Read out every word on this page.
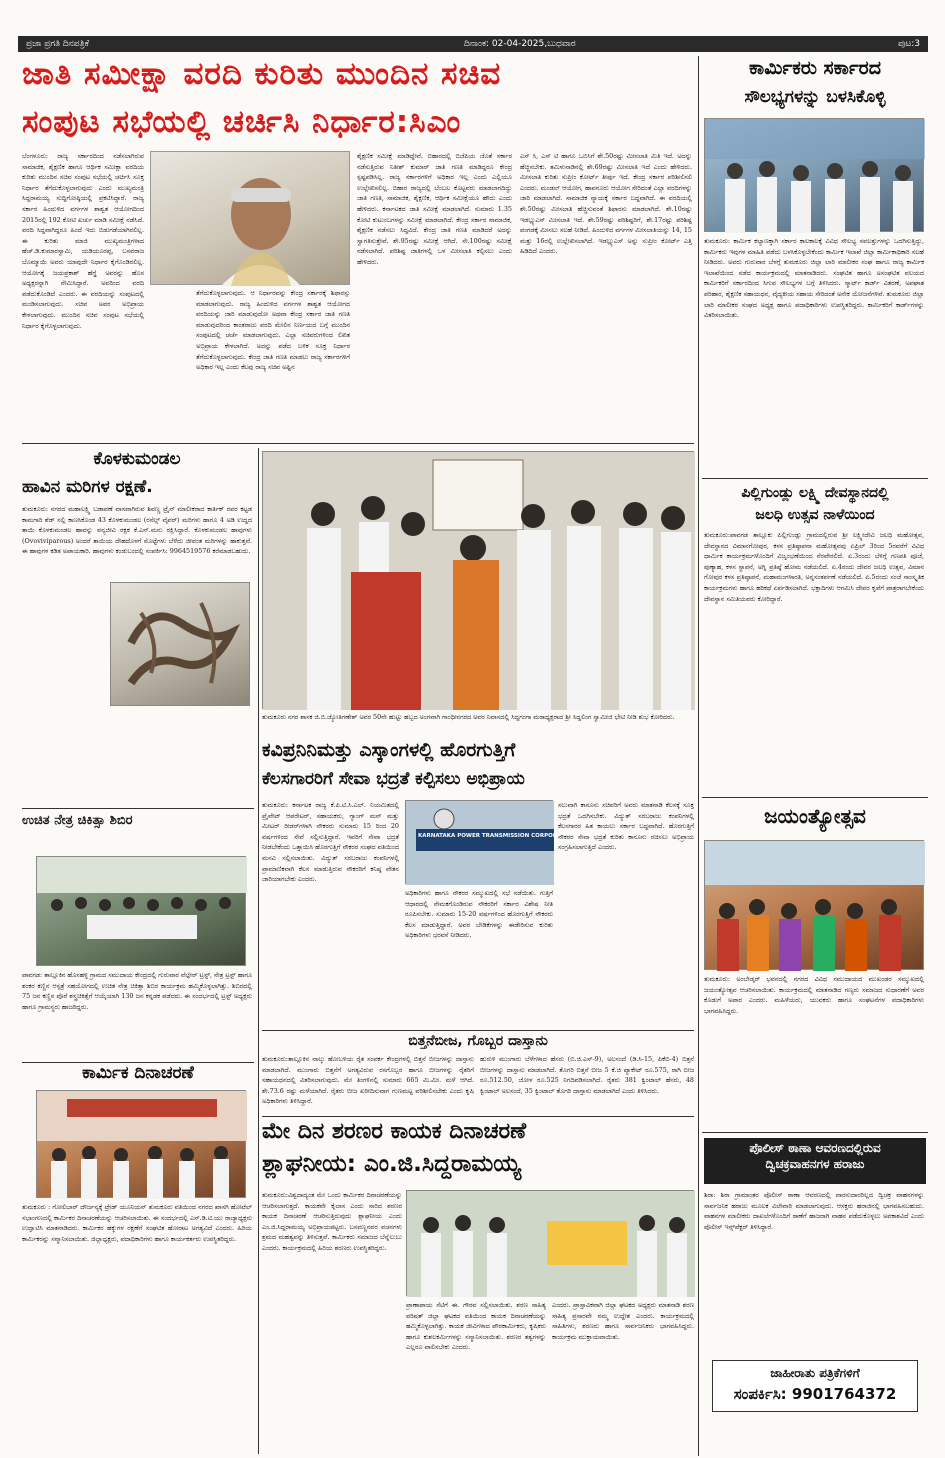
ಪ್ರಜಾ ಪ್ರಗತಿ ದಿನಪತ್ರಿಕೆ	ದಿನಾಂಕ: 02-04-2025,ಬುಧವಾರ	ಪುಟ:3
ಜಾತಿ ಸಮೀಕ್ಷಾ ವರದಿ ಕುರಿತು ಮುಂದಿನ ಸಚಿವ
ಸಂಪುಟ ಸಭೆಯಲ್ಲಿ ಚರ್ಚಿಸಿ ನಿರ್ಧಾರ:ಸಿಎಂ
ಬೆಂಗಳೂರು: ರಾಜ್ಯ ಸರ್ಕಾರದಿಂದ ನಡೆಸಲಾಗಿರುವ ಸಾಮಾಜಿಕ, ಶೈಕ್ಷಣಿಕ ಹಾಗೂ ಆರ್ಥಿಕ ಸಮೀಕ್ಷಾ ವರದಿಯ ಕುರಿತು ಮುಂದಿನ ಸಚಿವ ಸಂಪುಟ ಸಭೆಯಲ್ಲಿ ಚರ್ಚಿಸಿ ಸೂಕ್ತ ನಿರ್ಧಾರ ತೆಗೆದುಕೊಳ್ಳಲಾಗುವುದು ಎಂದು ಮುಖ್ಯಮಂತ್ರಿ ಸಿದ್ದರಾಮಯ್ಯ ಸುದ್ದಿಗೋಷ್ಠಿಯಲ್ಲಿ ಪ್ರಕಟಿಸಿದ್ದಾರೆ. ರಾಜ್ಯ ಸರ್ಕಾರ ಹಿಂದುಳಿದ ವರ್ಗಗಳ ಶಾಶ್ವತ ಆಯೋಗದಿಂದ 2015ರಲ್ಲಿ 192 ಕೋಟಿ ಖರ್ಚು ಮಾಡಿ ಸಮೀಕ್ಷೆ ನಡೆಸಿದೆ. ವರದಿ ಸಿದ್ದವಾಗಿದ್ದರೂ ಹಿಂದೆ ಇದು ಬಿಡುಗಡೆಯಾಗಿರಲಿಲ್ಲ. ಈ ಕುರಿತು ಮಾಜಿ ಮುಖ್ಯಮಂತ್ರಿಗಳಾದ ಹೆಚ್.ಡಿ.ಕುಮಾರಸ್ವಾಮಿ, ಯಡಿಯೂರಪ್ಪ, ಬಸವರಾಜ ಬೊಮ್ಮಾಯಿ ಅವರು ಯಾವುದೇ ನಿರ್ಧಾರ ಕೈಗೊಂಡಿರಲಿಲ್ಲ. ಆಯೋಗಕ್ಕೆ ಜಯಪ್ರಕಾಶ್ ಹೆಗ್ಡೆ ಅವರನ್ನು ಹೊಸ ಅಧ್ಯಕ್ಷರನ್ನಾಗಿ ನೇಮಿಸಿದ್ದಾರೆ. ಅವರಿಂದ ವರದಿ ಪಡೆದುಕೊಂಡಿದೆ ಎಂದರು. ಈ ವರದಿಯನ್ನು ಸಂಪುಟದಲ್ಲಿ ಮಂಡಿಸಲಾಗುವುದು. ಸಚಿವ ಅವರ ಅಭಿಪ್ರಾಯ ಕೇಳಲಾಗುವುದು. ಮುಂದಿನ ಸಚಿವ ಸಂಪುಟ ಸಭೆಯಲ್ಲಿ ನಿರ್ಧಾರ ಕೈಗೊಳ್ಳಲಾಗುವುದು.
ತೆಗೆದುಕೊಳ್ಳಲಾಗುವುದು. ಆ ನಿರ್ಧಾರವನ್ನು ಕೇಂದ್ರ ಸರ್ಕಾರಕ್ಕೆ ಶಿಫಾರಸ್ಸು ಮಾಡಲಾಗುವುದು. ರಾಜ್ಯ ಹಿಂದುಳಿದ ವರ್ಗಗಳ ಶಾಶ್ವತ ಆಯೋಗದ ವರದಿಯನ್ನು ಜಾರಿ ಮಾಡುವುದೋ ಅಥವಾ ಕೇಂದ್ರ ಸರ್ಕಾರ ಜಾತಿ ಗಣತಿ ಮಾಡುವುದರಿಂದ ಕಾಂತರಾಜು ವರದಿ ಮೇಲಿನ ನಿರ್ಣಯದ ಬಗ್ಗೆ ಮುಂದಿನ ಸಂಪುಟದಲ್ಲಿ ಚರ್ಚೆ ಮಾಡಲಾಗುವುದು. ಎಲ್ಲಾ ಸಚಿವರುಗಳಿಂದ ಲಿಖಿತ ಅಭಿಪ್ರಾಯ ಕೇಳಲಾಗಿದೆ. ಅದನ್ನು ಪಡೆದ ಬಳಿಕ ಸೂಕ್ತ ನಿರ್ಧಾರ ತೆಗೆದುಕೊಳ್ಳಲಾಗುವುದು. ಕೇಂದ್ರ ಜಾತಿ ಗಣತಿ ಮಾಡಲು ರಾಜ್ಯ ಸರ್ಕಾರಗಳಿಗೆ ಅಧಿಕಾರ ಇಲ್ಲ ಎಂದು ಕೆಲವು ರಾಜ್ಯ ಸಚಿವ ಅಷ್ಟಿನ
ಶೈಕ್ಷಣಿಕ ಸಮೀಕ್ಷೆ ಮಾಡಿದ್ದೇವೆ. ಬಿಹಾರದಲ್ಲಿ ಬಿಜೆಪಿಯ ಜೊತೆ ಸರ್ಕಾರ ನಡೆಸುತ್ತಿರುವ ನಿತೀಶ್ ಕುಮಾರ್ ಜಾತಿ ಗಣತಿ ಮಾಡಿದ್ದರೂ ಕೇಂದ್ರ ಸ್ಪಷ್ಟಪಡಿಸಿಲ್ಲ. ರಾಜ್ಯ ಸರ್ಕಾರಗಳಿಗೆ ಅಧಿಕಾರ ಇಲ್ಲ ಎಂದು ಎಲ್ಲಿಯೂ ಉಲ್ಲೇಖಿಸಲಿಲ್ಲ. ಬಿಹಾರ ರಾಜ್ಯದಲ್ಲಿ ಬೆಂಬಲ ಕೊಟ್ಟವರು ಮಾಡಲಾಗದಿದ್ದು ಜಾತಿ ಗಣತಿ, ಸಾಮಾಜಿಕ, ಶೈಕ್ಷಣಿಕ, ಆರ್ಥಿಕ ಸಮೀಕ್ಷೆಯೂ ಹೌದು ಎಂದು ಹೇಳಿದರು. ಕರ್ನಾಟಕದ ಜಾತಿ ಸಮೀಕ್ಷೆ ಮಾಡಲಾಗಿದೆ. ಸುಮಾರು 1.35 ಕೋಟಿ ಕುಟುಂಬಗಳನ್ನು ಸಮೀಕ್ಷೆ ಮಾಡಲಾಗಿದೆ. ಕೇಂದ್ರ ಸರ್ಕಾರ ಸಾಮಾಜಿಕ, ಶೈಕ್ಷಣಿಕ ನಡೆಸಲು ಸಿದ್ಧವಿದೆ. ಕೇಂದ್ರ ಜಾತಿ ಗಣತಿ ಮಾಡಿದರೆ ಅದನ್ನು ಸ್ವಾಗತಿಸುತ್ತೇವೆ. ಶೇ.95ರಷ್ಟು ಸಮೀಕ್ಷೆ ಆಗಿದೆ. ಸೇ.100ರಷ್ಟು ಸಮೀಕ್ಷೆ ನಡೆಸಲಾಗಿದೆ. ಪರಿಶಿಷ್ಟ ಜಾತಿಗಳಲ್ಲಿ ಒಳ ಮೀಸಲಾತಿ ಕಲ್ಪಿಸಲು ಎಂದು ಹೇಳಿದರು.
ಎಸ್ ಸಿ, ಎಸ್ ಟಿ ಹಾಗೂ ಒಬಿಸಿಗೆ ಶೇ.50ರಷ್ಟು ಮೀಸಲಾತಿ ಮಿತಿ ಇದೆ. ಅದನ್ನು ಹೆಚ್ಚಿಸಬೇಕು. ತಮಿಳುನಾಡಿನಲ್ಲಿ ಶೇ.69ರಷ್ಟು ಮೀಸಲಾತಿ ಇದೆ ಎಂದು ಹೇಳಿದರು. ಮೀಸಲಾತಿ ಕುರಿತು ಸುಪ್ರೀಂ ಕೋರ್ಟ್ ತೀರ್ಪು ಇದೆ. ಕೇಂದ್ರ ಸರ್ಕಾರ ಪರಿಶೀಲಿಸಲಿ ಎಂದರು. ಮಂಡಲ್ ಆಯೋಗ, ಹಾವನೂರು ಆಯೋಗ ಸೇರಿದಂತೆ ಎಲ್ಲಾ ವರದಿಗಳನ್ನು ಜಾರಿ ಮಾಡಲಾಗಿದೆ. ಸಾಮಾಜಿಕ ನ್ಯಾಯಕ್ಕೆ ಸರ್ಕಾರ ಬದ್ಧವಾಗಿದೆ. ಈ ವರದಿಯಲ್ಲಿ ಶೇ.50ರಷ್ಟು ಮೀಸಲಾತಿ ಹೆಚ್ಚಿಸುವಂತೆ ಶಿಫಾರಸು ಮಾಡಲಾಗಿದೆ. ಶೇ.10ರಷ್ಟು ಇಡಬ್ಲ್ಯುಎಸ್ ಮೀಸಲಾತಿ ಇದೆ. ಶೇ.59ರಷ್ಟು ಪರಿಶಿಷ್ಟರಿಗೆ, ಶೇ.17ರಷ್ಟು ಪರಿಶಿಷ್ಟ ಪಂಗಡಕ್ಕೆ ಮೀಸಲು ಸಲಹೆ ನೀಡಿದೆ. ಹಿಂದುಳಿದ ವರ್ಗಗಳ ಮೀಸಲಾತಿಯನ್ನು 14, 15 ಮತ್ತು 16ರಲ್ಲಿ ಉಲ್ಲೇಖಿಸಲಾಗಿದೆ. ಇಡಬ್ಲ್ಯುಎಸ್ ಅನ್ನು ಸುಪ್ರೀಂ ಕೋರ್ಟ್ ಎತ್ತಿ ಹಿಡಿದಿದೆ ಎಂದರು.
ಕಾರ್ಮಿಕರು ಸರ್ಕಾರದ
ಸೌಲಭ್ಯಗಳನ್ನು ಬಳಸಿಕೊಳ್ಳಿ
ತುಮಕೂರು: ಕಾರ್ಮಿಕ ಕಲ್ಯಾಣಕ್ಕಾಗಿ ಸರ್ಕಾರ ಕಾಲಕಾಲಕ್ಕೆ ವಿವಿಧ ಸೌಲಭ್ಯ ಸವಲತ್ತುಗಳನ್ನು ಒದಗಿಸುತ್ತಿದ್ದು, ಕಾರ್ಮಿಕರು ಇವುಗಳ ಮಾಹಿತಿ ಪಡೆದು ಬಳಸಿಕೊಳ್ಳಬೇಕೆಂದು ಕಾರ್ಮಿಕ ಇಲಾಖೆ ಜಿಲ್ಲಾ ಕಾರ್ಮಿಕಾಧಿಕಾರಿ ಸಲಹೆ ನೀಡಿದರು. ಅವರು ಗುರುವಾರ ಬೆಳಗ್ಗೆ ತುಮಕೂರು ಜಿಲ್ಲಾ ಲಾರಿ ಮಾಲೀಕರ ಸಂಘ ಹಾಗೂ ರಾಜ್ಯ ಕಾರ್ಮಿಕ ಇಲಾಖೆಯಿಂದ ನಡೆದ ಕಾರ್ಯಕ್ರಮದಲ್ಲಿ ಮಾತನಾಡಿದರು. ಸಂಘಟಿತ ಹಾಗೂ ಅಸಂಘಟಿತ ವಲಯದ ಕಾರ್ಮಿಕರಿಗೆ ಸರ್ಕಾರದಿಂದ ಸಿಗುವ ಸೌಲಭ್ಯಗಳ ಬಗ್ಗೆ ತಿಳಿಸಿದರು. ಸ್ಮಾರ್ಟ್ ಕಾರ್ಡ್ ವಿತರಣೆ, ಅಪಘಾತ ಪರಿಹಾರ, ಶೈಕ್ಷಣಿಕ ಸಹಾಯಧನ, ವೈದ್ಯಕೀಯ ಸಹಾಯ ಸೇರಿದಂತೆ ಅನೇಕ ಯೋಜನೆಗಳಿವೆ. ತುಮಕೂರು ಜಿಲ್ಲಾ ಲಾರಿ ಮಾಲೀಕರ ಸಂಘದ ಅಧ್ಯಕ್ಷ ಹಾಗೂ ಪದಾಧಿಕಾರಿಗಳು ಉಪಸ್ಥಿತರಿದ್ದರು. ಕಾರ್ಮಿಕರಿಗೆ ಕಾರ್ಡ್‌ಗಳನ್ನು ವಿತರಿಸಲಾಯಿತು.
ಪಿಲ್ಲಿಗುಂಡ್ಲು ಲಕ್ಷ್ಮಿ ದೇವಸ್ಥಾನದಲ್ಲಿ
ಜಲಧಿ ಉತ್ಸವ ನಾಳೆಯಿಂದ
ತುಮಕೂರು:ಪಾವಗಡ ತಾಲ್ಲೂಕು ಪಿಲ್ಲಿಗುಂಡ್ಲು ಗ್ರಾಮದಲ್ಲಿರುವ ಶ್ರೀ ಲಕ್ಷ್ಮೀದೇವಿ ಜಲಧಿ ಮಹೋತ್ಸವ, ದೇವಸ್ಥಾನದ ವಿಮಾನಗೋಪುರ, ಕಳಸ ಪ್ರತಿಷ್ಠಾಪನಾ ಮಹೋತ್ಸವವು ಏಪ್ರಿಲ್ 3ರಿಂದ 5ರವರೆಗೆ ವಿವಿಧ ಧಾರ್ಮಿಕ ಕಾರ್ಯಕ್ರಮಗಳೊಂದಿಗೆ ವಿಜೃಂಭಣೆಯಿಂದ ನೆರವೇರಲಿದೆ. ಏ.3ರಂದು ಬೆಳಿಗ್ಗೆ ಗಣಪತಿ ಪೂಜೆ, ಪುಣ್ಯಾಹ, ಕಳಸ ಸ್ಥಾಪನೆ, ಅಗ್ನಿ ಪ್ರತಿಷ್ಠೆ ಹೋಮ ನಡೆಯಲಿದೆ. ಏ.4ರಂದು ದೇವರ ಜಲಧಿ ಉತ್ಸವ, ವಿಮಾನ ಗೋಪುರ ಕಳಸ ಪ್ರತಿಷ್ಠಾಪನೆ, ಮಹಾಮಂಗಳಾರತಿ, ಅನ್ನಸಂತರ್ಪಣೆ ನಡೆಯಲಿದೆ. ಏ.5ರಂದು ಸಂಜೆ ಸಾಂಸ್ಕೃತಿಕ ಕಾರ್ಯಕ್ರಮಗಳು ಹಾಗೂ ಹರಿಕಥೆ ಏರ್ಪಡಿಸಲಾಗಿದೆ. ಭಕ್ತಾದಿಗಳು ಆಗಮಿಸಿ ದೇವರ ಕೃಪೆಗೆ ಪಾತ್ರರಾಗಬೇಕೆಂದು ದೇವಸ್ಥಾನ ಸಮಿತಿಯವರು ಕೋರಿದ್ದಾರೆ.
ಜಯಂತ್ಯೋತ್ಸವ
ತುಮಕೂರು: ಅಂಬೇಡ್ಕರ್ ಭವನದಲ್ಲಿ ನಗರದ ವಿವಿಧ ಸಮುದಾಯದ ಮುಖಂಡರ ಸಮ್ಮುಖದಲ್ಲಿ ಜಯಂತ್ಯೋತ್ಸವ ಆಚರಿಸಲಾಯಿತು. ಕಾರ್ಯಕ್ರಮದಲ್ಲಿ ಮಾತನಾಡಿದ ಗಣ್ಯರು ಸಮಾಜದ ಸುಧಾರಣೆಗೆ ಅವರ ಕೊಡುಗೆ ಅಪಾರ ಎಂದರು. ಮಹಿಳೆಯರು, ಯುವಕರು ಹಾಗೂ ಸಂಘಟನೆಗಳ ಪದಾಧಿಕಾರಿಗಳು ಭಾಗವಹಿಸಿದ್ದರು.
ಪೊಲೀಸ್ ಠಾಣಾ ಆವರಣದಲ್ಲಿರುವ
ದ್ವಿಚಕ್ರವಾಹನಗಳ ಹರಾಜು
ಶಿರಾ: ಶಿರಾ ಗ್ರಾಮಾಂತರ ಪೊಲೀಸ್ ಠಾಣಾ ಆವರಣದಲ್ಲಿ ವಾರಸುದಾರರಿಲ್ಲದ ದ್ವಿಚಕ್ರ ವಾಹನಗಳನ್ನು ಸಾರ್ವಜನಿಕ ಹರಾಜು ಮೂಲಕ ವಿಲೇವಾರಿ ಮಾಡಲಾಗುವುದು. ಆಸಕ್ತರು ಹರಾಜಿನಲ್ಲಿ ಭಾಗವಹಿಸಬಹುದು. ವಾಹನಗಳ ಮಾಲೀಕರು ದಾಖಲೆಗಳೊಂದಿಗೆ ಠಾಣೆಗೆ ಹಾಜರಾಗಿ ವಾಹನ ಪಡೆದುಕೊಳ್ಳಲು ಅವಕಾಶವಿದೆ ಎಂದು ಪೊಲೀಸ್ ಇನ್ಸ್‌ಪೆಕ್ಟರ್ ತಿಳಿಸಿದ್ದಾರೆ.
ಜಾಹೀರಾತು ಪತ್ರಿಕೆಗಳಿಗೆ
ಸಂಪರ್ಕಿಸಿ: 9901764372
ಕೊಳಕುಮಂಡಲ
ಹಾವಿನ ಮರಿಗಳ ರಕ್ಷಣೆ.
ತುಮಕೂರು: ನಗರದ ಮಹಾಲಕ್ಷ್ಮಿ ಬಡಾವಣೆ ವಾಸವಾಗಿರುವ ಶಿವಣ್ಣ ಟ್ರೈಸ್ ಮಾಲೀಕರಾದ ಕಾರ್ತಿಕ್ ರವರ ಕಟ್ಟಡ ಕಾಮಗಾರಿ ಶೆಡ್ ಸಲ್ಲಿ ಕಾಣಸಿಕೊಂಡ 43 ಕೊಳಕುಮಂಡಲ (ರಸೆಲ್ಸ್ ವೈಪರ್) ಮರಿಗಳು ಹಾಗೂ 4 ಅಡಿ ಉದ್ದದ ತಾಯಿ ಕೊಳಕುಮಂಡಲ ಹಾವನ್ನು ವನ್ಯಜೀವಿ ರಕ್ಷಕ ಕೆ.ಎನ್.ಮನು ರಕ್ಷಿಸಿದ್ದಾರೆ. ಕೊಳಕುಮಂಡಲ ಹಾವುಗಳು (Ovoviviparous) ಅಂದರೆ ತಾಯಿಯ ದೇಹದೊಳಗೆ ಮೊಟ್ಟೆಗಳು ಬೆಳೆದು ಜೀವಂತ ಮರಿಗಳನ್ನು ಹಾಕುತ್ತವೆ. ಈ ಹಾವುಗಳ ಕಡಿತ ಅಪಾಯಕಾರಿ. ಹಾವುಗಳು ಕಂಡುಬಂದಲ್ಲಿ ಸಂಪರ್ಕಿಸಿ: 9964519576 ಕರೆಮಾಡಬಹುದು.
ಉಚಿತ ನೇತ್ರ ಚಿಕಿತ್ಸಾ ಶಿಬಿರ
ಪಾವಗಡ: ತಾಲ್ಲೂಕಿನ ಹೊಸಹಳ್ಳಿ ಗ್ರಾಮದ ಸಮುದಾಯ ಕೇಂದ್ರದಲ್ಲಿ ಗುರುವಾರ ವೆಲ್ಫೇರ್ ಟ್ರಸ್ಟ್, ನೇತ್ರ ಟ್ರಸ್ಟ್ ಹಾಗೂ ಶಂಕರ ಕಣ್ಣಿನ ಆಸ್ಪತ್ರೆ ಸಹಯೋಗದಲ್ಲಿ ಉಚಿತ ನೇತ್ರ ಚಿಕಿತ್ಸಾ ಶಿಬಿರ ಕಾರ್ಯಕ್ರಮ ಹಮ್ಮಿಕೊಳ್ಳಲಾಗಿತ್ತು. ಶಿಬಿರದಲ್ಲಿ 75 ಜನ ಕಣ್ಣಿನ ಪೊರೆ ಶಸ್ತ್ರಚಿಕಿತ್ಸೆಗೆ ಆಯ್ಕೆಯಾಗಿ 130 ಜನ ಕನ್ನಡಕ ಪಡೆದರು. ಈ ಸಂದರ್ಭದಲ್ಲಿ ಟ್ರಸ್ಟ್ ಅಧ್ಯಕ್ಷರು ಹಾಗೂ ಗ್ರಾಮಸ್ಥರು ಹಾಜರಿದ್ದರು.
ಕಾರ್ಮಿಕ ದಿನಾಚರಣೆ
ತುಮಕೂರು : ಗೋಲಿಬಾರ್ ದೌರ್ಜನ್ಯಕ್ಕೆ ಟ್ರೇಡ್ ಯೂನಿಯನ್ ತುಮಕೂರು ವತಿಯಿಂದ ನಗರದ ಖಾಸಗಿ ಹೋಟೆಲ್ ಸಭಾಂಗಣದಲ್ಲಿ ಕಾರ್ಮಿಕರ ದಿನಾಚರಣೆಯನ್ನು ಆಚರಿಸಲಾಯಿತು. ಈ ಸಂದರ್ಭದಲ್ಲಿ ಎಸ್.ಡಿ.ಟಿ.ಯು ರಾಜ್ಯಾಧ್ಯಕ್ಷರು ಉದ್ಘಾಟಿಸಿ ಮಾತನಾಡಿದರು. ಕಾರ್ಮಿಕರ ಹಕ್ಕುಗಳ ರಕ್ಷಣೆಗೆ ಸಂಘಟಿತ ಹೋರಾಟ ಅಗತ್ಯವಿದೆ ಎಂದರು. ಹಿರಿಯ ಕಾರ್ಮಿಕರನ್ನು ಸನ್ಮಾನಿಸಲಾಯಿತು. ಜಿಲ್ಲಾಧ್ಯಕ್ಷರು, ಪದಾಧಿಕಾರಿಗಳು ಹಾಗೂ ಕಾರ್ಯಕರ್ತರು ಉಪಸ್ಥಿತರಿದ್ದರು.
ತುಮಕೂರು ನಗರ ಶಾಸಕ ಜಿ.ಬಿ.ಜ್ಯೋತಿಗಣೇಶ್ ಅವರ 50ನೇ ಹುಟ್ಟು ಹಬ್ಬದ ಅಂಗವಾಗಿ ಗಾಂಧೀನಗರದ ಅವರ ನಿವಾಸದಲ್ಲಿ ಸಿದ್ದಗಂಗಾ ಮಠಾಧ್ಯಕ್ಷರಾದ ಶ್ರೀ ಸಿದ್ದಲಿಂಗ ಸ್ವಾಮೀಜಿ ಭೇಟಿ ನೀಡಿ ಶುಭ ಕೋರಿದರು.
ಕವಿಪ್ರನಿನಿಮತ್ತು ಎಸ್ಕಾಂಗಳಲ್ಲಿ ಹೊರಗುತ್ತಿಗೆ
ಕೆಲಸಗಾರರಿಗೆ ಸೇವಾ ಭದ್ರತೆ ಕಲ್ಪಿಸಲು ಅಭಿಪ್ರಾಯ
ತುಮಕೂರು: ಕರ್ನಾಟಕ ರಾಜ್ಯ ಕೆ.ಪಿ.ಟಿ.ಸಿ.ಎಲ್. ನಿಯಮಿತದಲ್ಲಿ ಪ್ರೈವೇಟ್ ಆಪರೇಟರ್, ಸಹಾಯಕರು, ಗ್ಯಾಂಗ್ ಮನ್ ಮತ್ತು ಮೀಟರ್ ರೀಡರ್‌ಗಳಾಗಿ ನೌಕರರು ಸುಮಾರು 15 ರಿಂದ 20 ವರ್ಷಗಳಿಂದ ಸೇವೆ ಸಲ್ಲಿಸುತ್ತಿದ್ದಾರೆ. ಇವರಿಗೆ ಸೇವಾ ಭದ್ರತೆ ನೀಡಬೇಕೆಂದು ಒತ್ತಾಯಿಸಿ ಹೊರಗುತ್ತಿಗೆ ನೌಕರರ ಸಂಘದ ವತಿಯಿಂದ ಮನವಿ ಸಲ್ಲಿಸಲಾಯಿತು. ವಿದ್ಯುತ್ ಸರಬರಾಜು ಕಂಪನಿಗಳಲ್ಲಿ ಪ್ರಾಮಾಣಿಕವಾಗಿ ಕೆಲಸ ಮಾಡುತ್ತಿರುವ ನೌಕರರಿಗೆ ಕನಿಷ್ಠ ವೇತನ ಜಾರಿಯಾಗಬೇಕು ಎಂದರು.
KARNATAKA POWER TRANSMISSION CORPORATION LIMITED
ಅಧಿಕಾರಿಗಳು ಹಾಗೂ ನೌಕರರ ಸಮ್ಮುಖದಲ್ಲಿ ಸಭೆ ನಡೆಯಿತು. ಗುತ್ತಿಗೆ ಆಧಾರದಲ್ಲಿ ನೇಮಕಗೊಂಡಿರುವ ನೌಕರರಿಗೆ ಸರ್ಕಾರ ವಿಶೇಷ ನೀತಿ ರೂಪಿಸಬೇಕು. ಸುಮಾರು 15-20 ವರ್ಷಗಳಿಂದ ಹೊರಗುತ್ತಿಗೆ ನೌಕರರು ಕೆಲಸ ಮಾಡುತ್ತಿದ್ದಾರೆ. ಅವರ ಬೇಡಿಕೆಗಳನ್ನು ಈಡೇರಿಸುವ ಕುರಿತು ಅಧಿಕಾರಿಗಳು ಭರವಸೆ ನೀಡಿದರು.
ಸಲುವಾಗಿ ಕಾನೂನು ಸಚಿವರಿಗೆ ಅವರು ಮಾತನಾಡಿ ಕೆಲಸಕ್ಕೆ ಸೂಕ್ತ ಭದ್ರತೆ ಒದಗಿಸಬೇಕು. ವಿದ್ಯುತ್ ಸರಬರಾಜು ಕಂಪನಿಗಳಲ್ಲಿ ಕೆಲಸಗಾರರ ಹಿತ ಕಾಯಲು ಸರ್ಕಾರ ಬದ್ಧವಾಗಿದೆ. ಹೊರಗುತ್ತಿಗೆ ನೌಕರರ ಸೇವಾ ಭದ್ರತೆ ಕುರಿತು ಕಾನೂನು ರಚಿಸಲು ಅಭಿಪ್ರಾಯ ಸಂಗ್ರಹಿಸಲಾಗುತ್ತಿದೆ ಎಂದರು.
ಬಿತ್ತನೆಬೀಜ, ಗೊಬ್ಬರ ದಾಸ್ತಾನು
ತುಮಕೂರು:ತಾಲ್ಲೂಕಿನ ನಾಲ್ಕು ಹೋಬಳಿಯ ರೈತ ಸಂಪರ್ಕ ಕೇಂದ್ರಗಳಲ್ಲಿ ಬಿತ್ತನೆ ಬೀಜಗಳನ್ನು ದಾಸ್ತಾನು ಮಾಡಲಾಗಿದೆ. ಮುಂಗಾರು ಬಿತ್ತನೆಗೆ ಅಗತ್ಯವಿರುವ ರಸಗೊಬ್ಬರ ಹಾಗೂ ಬೀಜಗಳನ್ನು ರೈತರಿಗೆ ಸಹಾಯಧನದಲ್ಲಿ ವಿತರಿಸಲಾಗುವುದು. ಮೇ ತಿಂಗಳಿನಲ್ಲಿ ಸುಮಾರು 665 ಮಿ.ಮೀ. ಮಳೆ ಆಗಿದೆ. ಶೇ.73.6 ರಷ್ಟು ಮಳೆಯಾಗಿದೆ. ರೈತರು ಬೀಜ ಖರೀದಿಸುವಾಗ ಗುಣಮಟ್ಟ ಪರಿಶೀಲಿಸಬೇಕು ಎಂದು ಕೃಷಿ ಅಧಿಕಾರಿಗಳು ತಿಳಿಸಿದ್ದಾರೆ.
ಹುರುಳಿ ಮುಂಗಾರು ಬೆಳೆಗಳಾದ ಹೆಸರು (ಬಿ.ಜಿ.ಎಸ್-9), ಅಲಸಂದೆ (ಡಿ.ಸಿ-15, ಪಿಕೆಬಿ-4) ಬಿತ್ತನೆ ಬೀಜಗಳನ್ನು ದಾಸ್ತಾನು ಮಾಡಲಾಗಿದೆ. ತೊಗರಿ ಬಿತ್ತನೆ ಬೀಜ 5 ಕೆ.ಜಿ ಪ್ಯಾಕೇಟ್ ರೂ.575, ರಾಗಿ ಬೀಜ ರೂ.512.50, ಜೋಳ ರೂ.525 ನಿಗದಿಪಡಿಸಲಾಗಿದೆ. ರೈತರು 381 ಕ್ವಿಂಟಾಲ್ ಹೆಸರು, 48 ಕ್ವಿಂಟಾಲ್ ಅಲಸಂದೆ, 35 ಕ್ವಿಂಟಾಲ್ ತೊಗರಿ ದಾಸ್ತಾನು ಮಾಡಲಾಗಿದೆ ಎಂದು ತಿಳಿಸಿದರು.
ಮೇ ದಿನ ಶರಣರ ಕಾಯಕ ದಿನಾಚರಣೆ
ಶ್ಲಾಘನೀಯ: ಎಂ.ಜಿ.ಸಿದ್ದರಾಮಯ್ಯ
ತುಮಕೂರು:ವಿಶ್ವದಾದ್ಯಂತ ಮೇ ಒಂದು ಕಾರ್ಮಿಕರ ದಿನಾಚರಣೆಯನ್ನು ಆಚರಿಸಲಾಗುತ್ತದೆ. ಕಾಯಕವೇ ಕೈಲಾಸ ಎಂದು ಸಾರಿದ ಶರಣರ ಕಾಯಕ ದಿನಾಚರಣೆ ಆಚರಿಸುತ್ತಿರುವುದು ಶ್ಲಾಘನೀಯ ಎಂದು ಎಂ.ಜಿ.ಸಿದ್ದರಾಮಯ್ಯ ಅಭಿಪ್ರಾಯಪಟ್ಟರು. ಬಸವಣ್ಣನವರ ವಚನಗಳು ಶ್ರಮದ ಮಹತ್ವವನ್ನು ತಿಳಿಸುತ್ತವೆ. ಕಾರ್ಮಿಕರು ಸಮಾಜದ ಬೆನ್ನೆಲುಬು ಎಂದರು. ಕಾರ್ಯಕ್ರಮದಲ್ಲಿ ಹಿರಿಯ ಶರಣರು ಉಪಸ್ಥಿತರಿದ್ದರು.
ಪ್ರಾಣಾಪಾಯ ಸೆಟಿಗೆ ಈ. ಗೌರವ ಸಲ್ಲಿಸಲಾಯಿತು. ಶರಣ ಸಾಹಿತ್ಯ ಪರಿಷತ್ ಜಿಲ್ಲಾ ಘಟಕದ ವತಿಯಿಂದ ಕಾಯಕ ದಿನಾಚರಣೆಯನ್ನು ಹಮ್ಮಿಕೊಳ್ಳಲಾಗಿತ್ತು. ಕಾಯಕ ಜೀವಿಗಳಾದ ಪೌರಕಾರ್ಮಿಕರು, ಕೃಷಿಕರು ಹಾಗೂ ಕುಶಲಕರ್ಮಿಗಳನ್ನು ಸನ್ಮಾನಿಸಲಾಯಿತು. ಶರಣರ ತತ್ವಗಳನ್ನು ಎಲ್ಲರೂ ಪಾಲಿಸಬೇಕು ಎಂದರು.
ಎಂದರು. ಪ್ರಾಸ್ತಾವಿಕವಾಗಿ ಜಿಲ್ಲಾ ಘಟಕದ ಅಧ್ಯಕ್ಷರು ಮಾತನಾಡಿ ಶರಣ ಸಾಹಿತ್ಯ ಪ್ರಸಾರವೇ ನಮ್ಮ ಉದ್ದೇಶ ಎಂದರು. ಕಾರ್ಯಕ್ರಮದಲ್ಲಿ ಸಾಹಿತಿಗಳು, ಶರಣರು ಹಾಗೂ ಸಾರ್ವಜನಿಕರು ಭಾಗವಹಿಸಿದ್ದರು. ಕಾರ್ಯಕ್ರಮ ಮುಕ್ತಾಯವಾಯಿತು.
